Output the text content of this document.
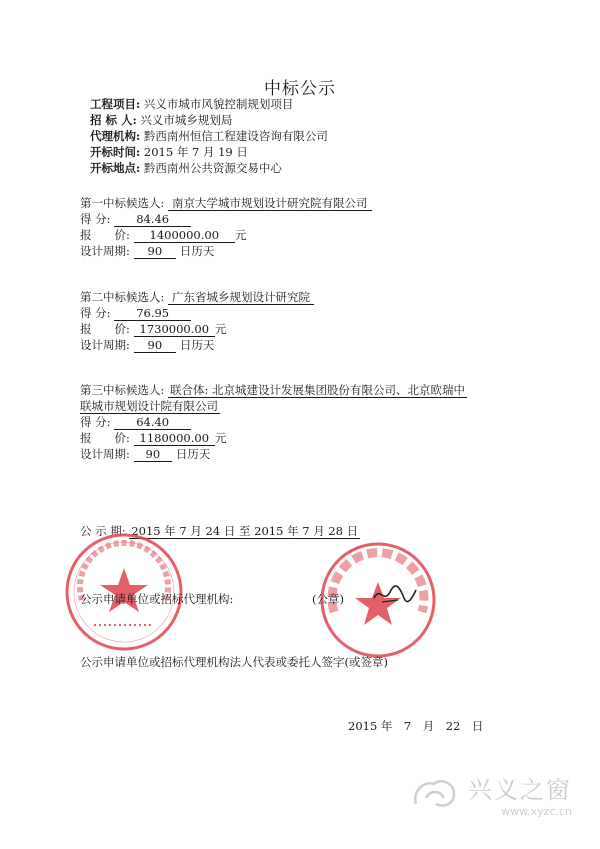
中标公示
工程项目: 兴义市城市风貌控制规划项目
招 标 人: 兴义市城乡规划局
代理机构: 黔西南州恒信工程建设咨询有限公司
开标时间: 2015 年 7 月 19 日
开标地点: 黔西南州公共资源交易中心
第一中标候选人: 南京大学城市规划设计研究院有限公司
得 分: 84.46
报　　价: 1400000.00 元
设计周期: 90 日历天
第二中标候选人: 广东省城乡规划设计研究院
得 分: 76.95
报　　价: 1730000.00 元
设计周期: 90 日历天
第三中标候选人: 联合体: 北京城建设计发展集团股份有限公司、北京欧瑞中
联城市规划设计院有限公司
得 分: 64.40
报　　价: 1180000.00 元
设计周期: 90 日历天
公 示 期: 2015 年 7 月 24 日 至 2015 年 7 月 28 日
公示申请单位或招标代理机构:	(公章)
公示申请单位或招标代理机构法人代表或委托人签字(或签章)
2015 年　7　月　22　日
兴义之窗
www.xyzc.cn
